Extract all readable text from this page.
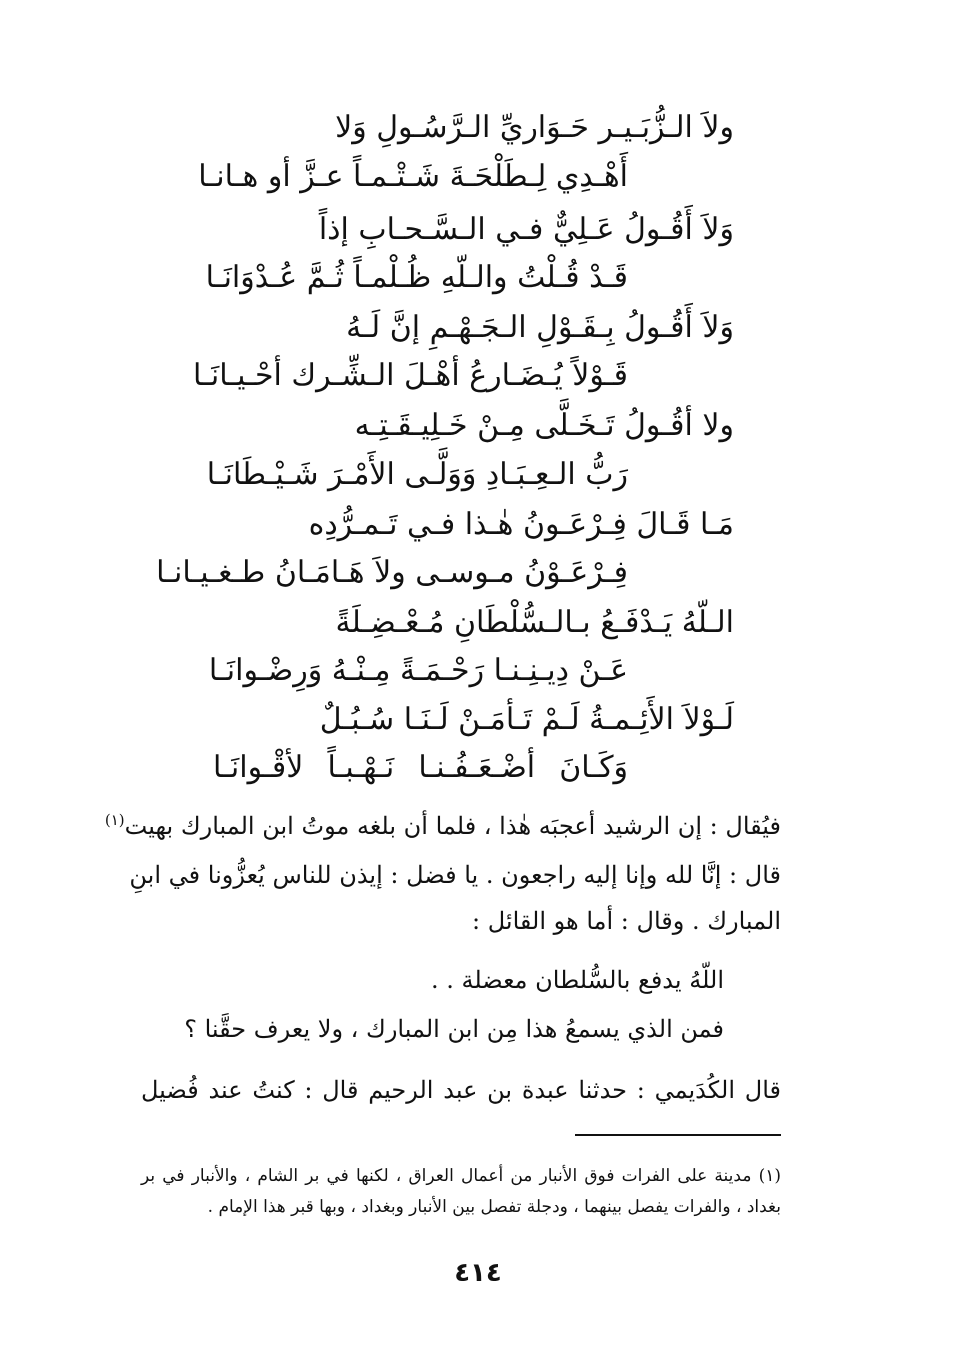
ولاَ الـزُّبَـيـر حَـوَاريِّ الـرَّسُـولِ وَلا
أَهْـدِي لِـطَلْحَـةَ شَـتْـمـاً عـزَّ أو هـانـا
وَلاَ أَقُـولُ عَـلِيٌّ فـي الـسَّـحـابِ إذاً
قَـدْ قُـلْتُ والـلّهِ ظُـلْمـاً ثُـمَّ عُـدْوَانَـا
وَلاَ أَقُـولُ بِـقَـوْلِ الـجَـهْـمِ إنَّ لَـهُ
قَـوْلاً يُـضَـارعُ أهْـلَ الـشِّـرك أحْـيـانَـا
ولا أقُـولُ تَـخَـلَّى مِـنْ خَـلِيـقَـتِـه
رَبُّ الـعِـبَـادِ وَوَلَّـى الأَمْـرَ شَـيْـطَانَـا
مَـا قَـالَ فِـرْعَـونُ هٰـذا فـي تَـمـرُّدِه
فِـرْعَـوْنُ مـوسـى ولاَ هَـامَـانُ طـغـيـانـا
الـلّهُ يَـدْفَـعُ بـالـسُّلْطَانِ مُـعْـضِـلَةً
عَـنْ دِيـنِـنـا رَحْـمَـةً مِـنْـهُ وَرِضْـوانَـا
لَـوْلاَ الأَئِـمـةُ لَـمْ تَـأمَـنْ لَـنَـا سُـبُـلٌ
وَكَـانَ أضْـعَـفُـنـا نَـهْـبـاً لأقْـوانَـا
فيُقال : إن الرشيد أعجبَه هٰذا ، فلما أن بلغه موتُ ابن المبارك بهيت$^{(١)}$
قال : إنَّا لله وإنا إليه راجعون . يا فضل : إيذن للناس يُعزُّونا في ابنِ
المبارك . وقال : أما هو القائل :
اللّهُ يدفع بالسُّلطان معضلة . .
فمن الذي يسمعُ هذا مِن ابن المبارك ، ولا يعرف حقَّنا ؟
قال الكُدَيمي : حدثنا عبدة بن عبد الرحيم قال : كنتُ عند فُضيل
(١) مدينة على الفرات فوق الأنبار من أعمال العراق ، لكنها في بر الشام ، والأنبار في بر
بغداد ، والفرات يفصل بينهما ، ودجلة تفصل بين الأنبار وبغداد ، وبها قبر هذا الإمام .
٤١٤
